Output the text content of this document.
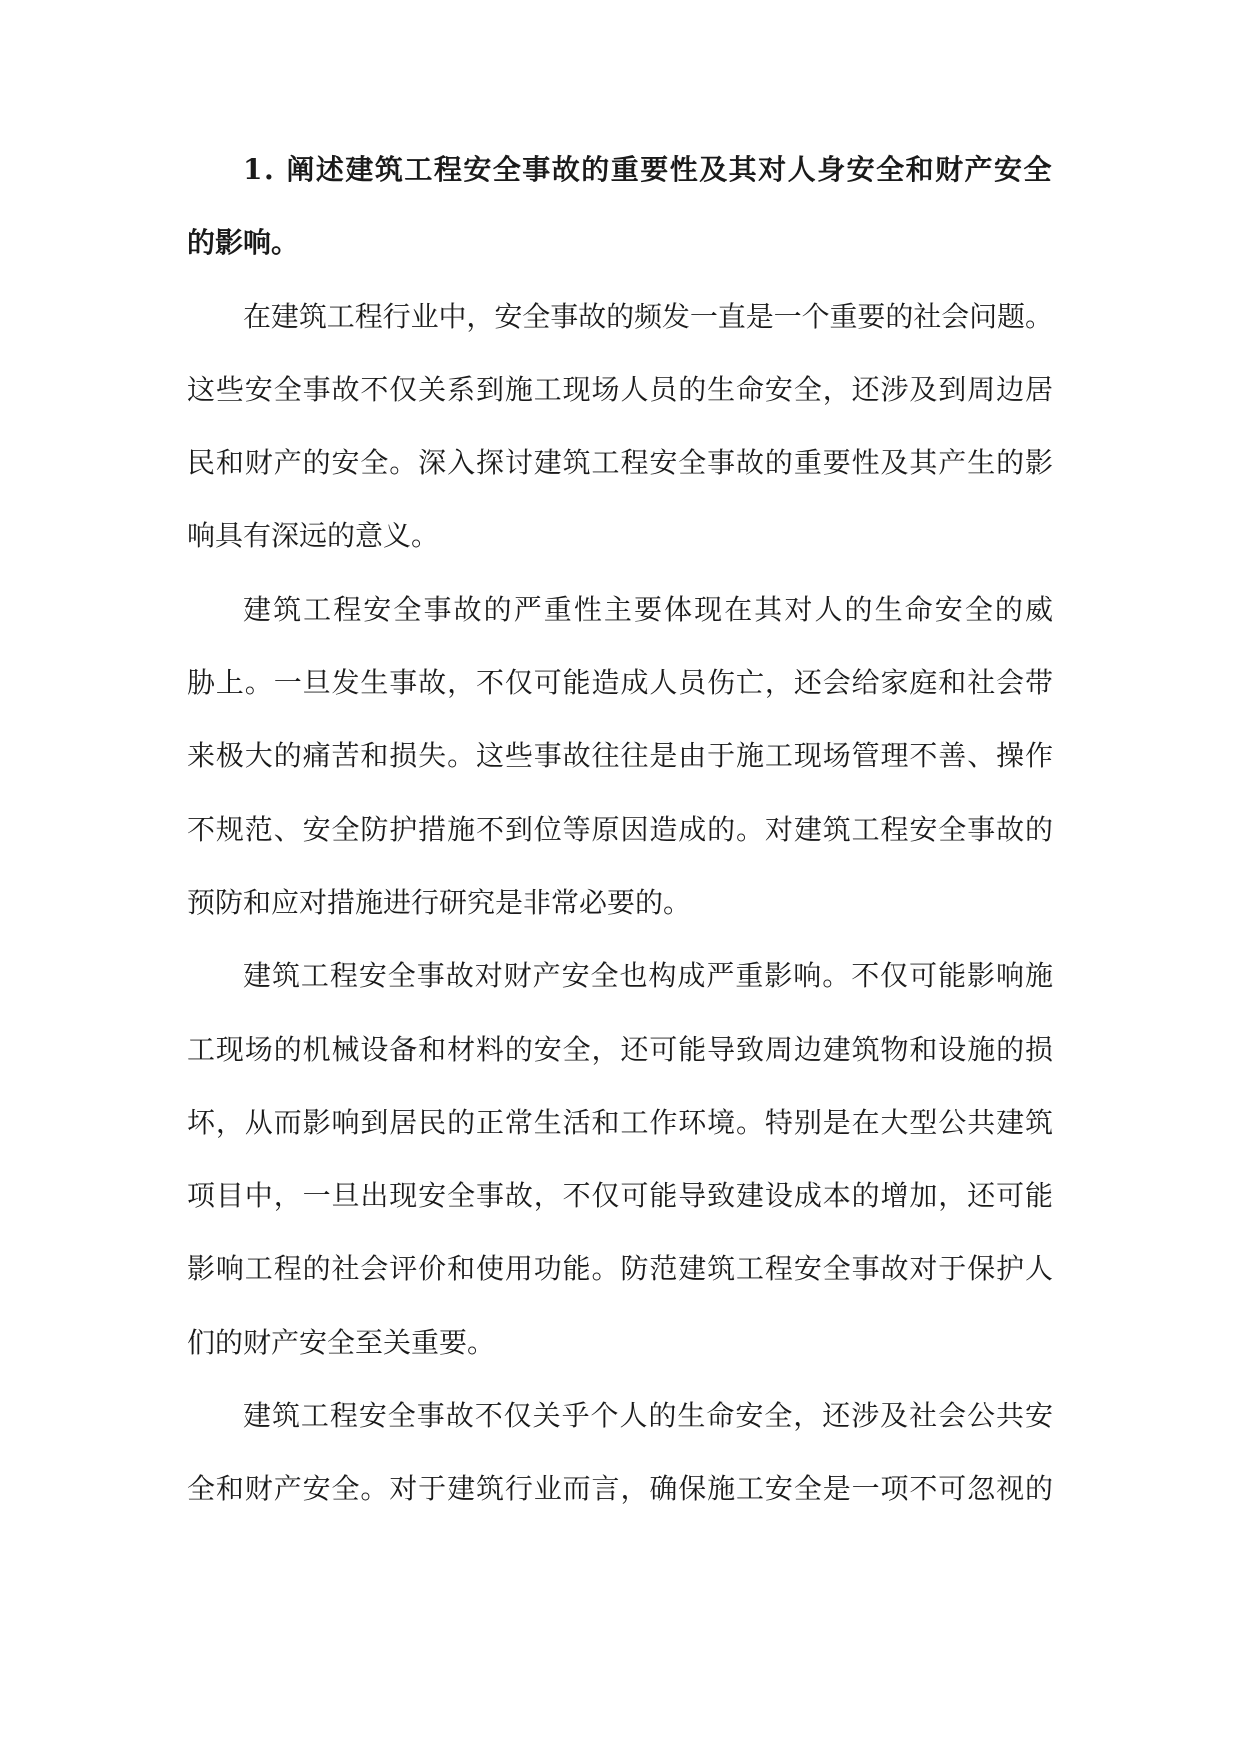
1. 阐述建筑工程安全事故的重要性及其对人身安全和财产安全
的影响。
在建筑工程行业中，安全事故的频发一直是一个重要的社会问题。
这些安全事故不仅关系到施工现场人员的生命安全，还涉及到周边居
民和财产的安全。深入探讨建筑工程安全事故的重要性及其产生的影
响具有深远的意义。
建筑工程安全事故的严重性主要体现在其对人的生命安全的威
胁上。一旦发生事故，不仅可能造成人员伤亡，还会给家庭和社会带
来极大的痛苦和损失。这些事故往往是由于施工现场管理不善、操作
不规范、安全防护措施不到位等原因造成的。对建筑工程安全事故的
预防和应对措施进行研究是非常必要的。
建筑工程安全事故对财产安全也构成严重影响。不仅可能影响施
工现场的机械设备和材料的安全，还可能导致周边建筑物和设施的损
坏，从而影响到居民的正常生活和工作环境。特别是在大型公共建筑
项目中，一旦出现安全事故，不仅可能导致建设成本的增加，还可能
影响工程的社会评价和使用功能。防范建筑工程安全事故对于保护人
们的财产安全至关重要。
建筑工程安全事故不仅关乎个人的生命安全，还涉及社会公共安
全和财产安全。对于建筑行业而言，确保施工安全是一项不可忽视的
